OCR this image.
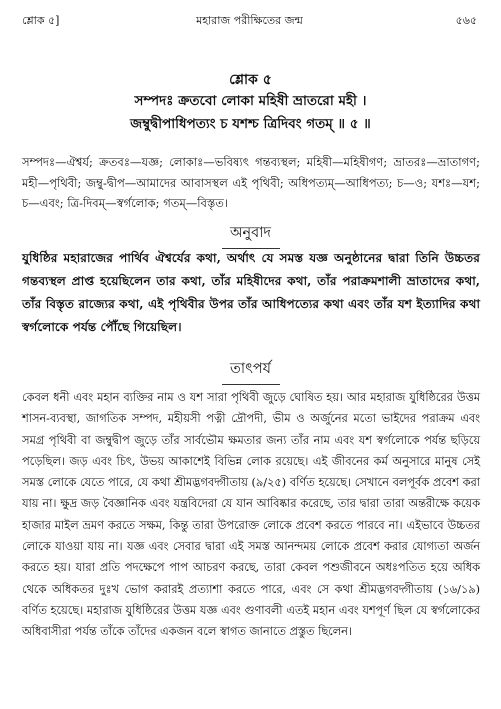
শ্লোক ৫]	মহারাজ পরীক্ষিতের জন্ম	৫৬৫
শ্লোক ৫
সম্পদঃ ক্রতবো লোকা মহিষী ভ্রাতরো মহী ।
জম্বুদ্বীপাধিপত্যং চ যশশ্চ ত্রিদিবং গতম্ ॥ ৫ ॥
সম্পদঃ—ঐশ্বর্য; ক্রতবঃ—যজ্ঞ; লোকাঃ—ভবিষ্যৎ গন্তব্যস্থল; মহিষী—মহিষীগণ; ভ্রাতরঃ—ভ্রাতাগণ; মহী—পৃথিবী; জম্বু-দ্বীপ—আমাদের আবাসস্থল এই পৃথিবী; অধিপত্যম্—আধিপত্য; চ—ও; যশঃ—যশ; চ—এবং; ত্রি-দিবম্—স্বর্গলোক; গতম্—বিস্তৃত।
অনুবাদ
যুধিষ্ঠির মহারাজের পার্থিব ঐশ্বর্যের কথা, অর্থাৎ যে সমস্ত যজ্ঞ অনুষ্ঠানের দ্বারা তিনি উচ্চতর গন্তব্যস্থল প্রাপ্ত হয়েছিলেন তার কথা, তাঁর মহিষীদের কথা, তাঁর পরাক্রমশালী ভ্রাতাদের কথা, তাঁর বিস্তৃত রাজ্যের কথা, এই পৃথিবীর উপর তাঁর আধিপত্যের কথা এবং তাঁর যশ ইত্যাদির কথা স্বর্গলোকে পর্যন্ত পৌঁছে গিয়েছিল।
তাৎপর্য

কেবল ধনী এবং মহান ব্যক্তির নাম ও যশ সারা পৃথিবী জুড়ে ঘোষিত হয়। আর মহারাজ যুধিষ্ঠিরের উত্তম শাসন-ব্যবস্থা, জাগতিক সম্পদ, মহীয়সী পত্নী দ্রৌপদী, ভীম ও অর্জুনের মতো ভাইদের পরাক্রম এবং সমগ্র পৃথিবী বা জম্বুদ্বীপ জুড়ে তাঁর সার্বভৌম ক্ষমতার জন্য তাঁর নাম এবং যশ স্বর্গলোকে পর্যন্ত ছড়িয়ে পড়েছিল। জড় এবং চিৎ, উভয় আকাশেই বিভিন্ন লোক রয়েছে। এই জীবনের কর্ম অনুসারে মানুষ সেই সমস্ত লোকে যেতে পারে, যে কথা শ্রীমদ্ভগবদ্গীতায় (৯/২৫) বর্ণিত হয়েছে। সেখানে বলপূর্বক প্রবেশ করা যায় না। ক্ষুদ্র জড় বৈজ্ঞানিক এবং যন্ত্রবিদেরা যে যান আবিষ্কার করেছে, তার দ্বারা তারা অন্তরীক্ষে কয়েক হাজার মাইল ভ্রমণ করতে সক্ষম, কিন্তু তারা উপরোক্ত লোকে প্রবেশ করতে পারবে না। এইভাবে উচ্চতর লোকে যাওয়া যায় না। যজ্ঞ এবং সেবার দ্বারা এই সমস্ত আনন্দময় লোকে প্রবেশ করার যোগ্যতা অর্জন করতে হয়। যারা প্রতি পদক্ষেপে পাপ আচরণ করছে, তারা কেবল পশুজীবনে অধঃপতিত হয়ে অধিক থেকে অধিকতর দুঃখ ভোগ করারই প্রত্যাশা করতে পারে, এবং সে কথা শ্রীমদ্ভগবদ্গীতায় (১৬/১৯) বর্ণিত হয়েছে। মহারাজ যুধিষ্ঠিরের উত্তম যজ্ঞ এবং গুণাবলী এতই মহান এবং যশপূর্ণ ছিল যে স্বর্গলোকের অধিবাসীরা পর্যন্ত তাঁকে তাঁদের একজন বলে স্বাগত জানাতে প্রস্তুত ছিলেন।
